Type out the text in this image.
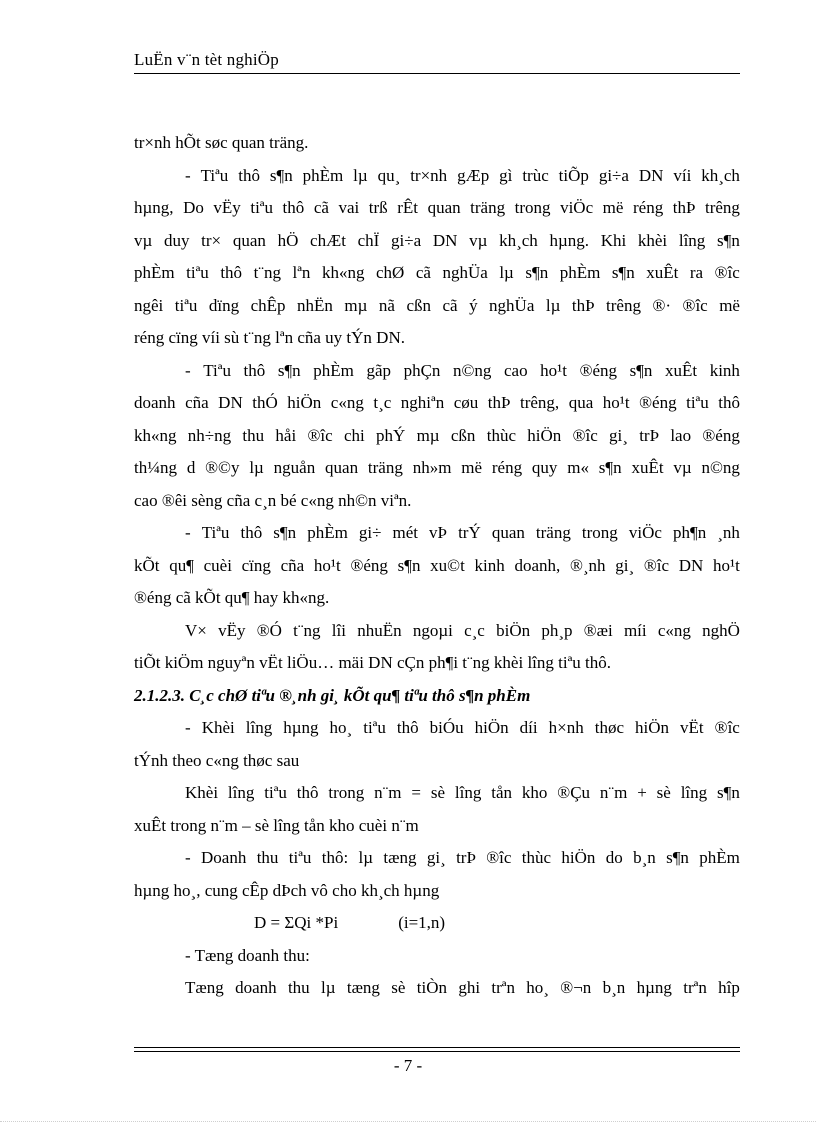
LuËn v¨n tèt nghiÖp
tr×nh hÕt søc quan träng.
- Tiªu thô s¶n phÈm lµ qu¸ tr×nh gÆp gì trùc tiÕp gi÷a DN víi kh¸ch
hµng, Do vËy tiªu thô cã vai trß rÊt quan träng trong viÖc më réng thÞ trêng
vµ duy tr× quan hÖ chÆt chÏ gi÷a DN vµ kh¸ch hµng. Khi khèi lîng s¶n
phÈm tiªu thô t¨ng lªn kh«ng chØ cã nghÜa lµ s¶n phÈm s¶n xuÊt ra ®îc
ngêi tiªu dïng chÊp nhËn mµ nã cßn cã ý nghÜa lµ thÞ trêng ®· ®îc më
réng cïng víi sù t¨ng lªn cña uy tÝn DN.
- Tiªu thô s¶n phÈm gãp phÇn n©ng cao ho¹t ®éng s¶n xuÊt kinh
doanh cña DN thÓ hiÖn c«ng t¸c nghiªn cøu thÞ trêng, qua ho¹t ®éng tiªu thô
kh«ng nh÷ng thu håi ®îc chi phÝ mµ cßn thùc hiÖn ®îc gi¸ trÞ lao ®éng
th¼ng d ®©y lµ nguån quan träng nh»m më réng quy m« s¶n xuÊt vµ n©ng
cao ®êi sèng cña c¸n bé c«ng nh©n viªn.
- Tiªu thô s¶n phÈm gi÷ mét vÞ trÝ quan träng trong viÖc ph¶n ¸nh
kÕt qu¶ cuèi cïng cña ho¹t ®éng s¶n xu©t kinh doanh, ®¸nh gi¸ ®îc DN ho¹t
®éng cã kÕt qu¶ hay kh«ng.
V× vËy ®Ó t¨ng lîi nhuËn ngoµi c¸c biÖn ph¸p ®æi míi c«ng nghÖ
tiÕt kiÖm nguyªn vËt liÖu… mäi DN cÇn ph¶i t¨ng khèi lîng tiªu thô.
2.1.2.3. C¸c chØ tiªu ®¸nh gi¸ kÕt qu¶ tiªu thô s¶n phÈm
- Khèi lîng hµng ho¸ tiªu thô biÓu hiÖn díi h×nh thøc hiÖn vËt ®îc
tÝnh theo c«ng thøc sau
Khèi lîng tiªu thô trong n¨m = sè lîng tån kho ®Çu n¨m + sè lîng s¶n
xuÊt trong n¨m – sè lîng tån kho cuèi n¨m
- Doanh thu tiªu thô: lµ tæng gi¸ trÞ ®îc thùc hiÖn do b¸n s¶n phÈm
hµng ho¸, cung cÊp dÞch vô cho kh¸ch hµng
D = ΣQi *Pi	(i=1,n)
- Tæng doanh thu:
Tæng doanh thu lµ tæng sè tiÒn ghi trªn ho¸ ®¬n b¸n hµng trªn hîp
- 7 -
